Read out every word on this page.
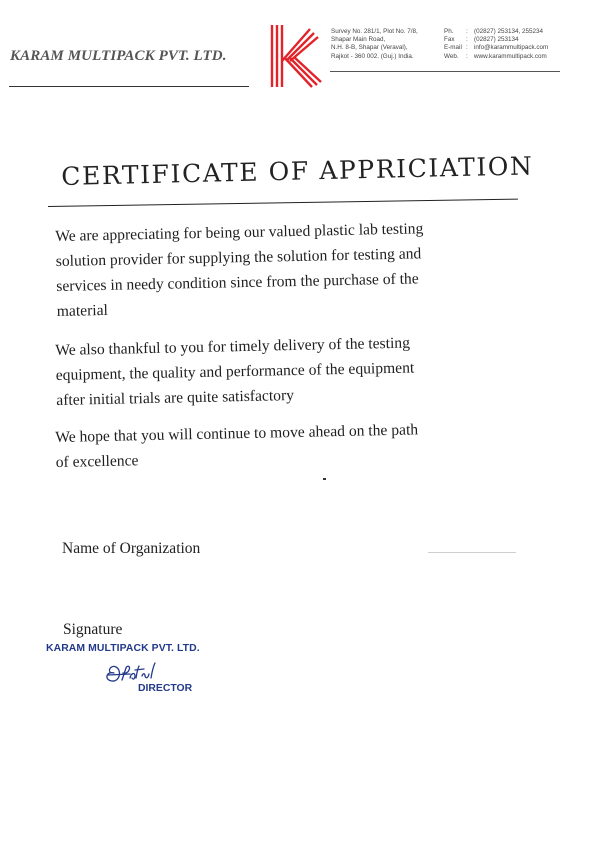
KARAM MULTIPACK PVT. LTD.
Survey No. 281/1, Plot No. 7/8,
Shapar Main Road,
N.H. 8-B, Shapar (Veraval),
Rajkot - 360 002. (Guj.) India.
Ph.	: (02827) 253134, 255234
Fax	: (02827) 253134
E-mail : info@karammultipack.com
Web.	: www.karammultipack.com
CERTIFICATE OF APPRICIATION
We are appreciating for being our valued plastic lab testing
solution provider for supplying the solution for testing and
services in needy condition since from the purchase of the
material
We also thankful to you for timely delivery of the testing
equipment, the quality and performance of the equipment
after initial trials are quite satisfactory
We hope that you will continue to move ahead on the path
of excellence
Name of Organization
Signature
KARAM MULTIPACK PVT. LTD.
DIRECTOR
